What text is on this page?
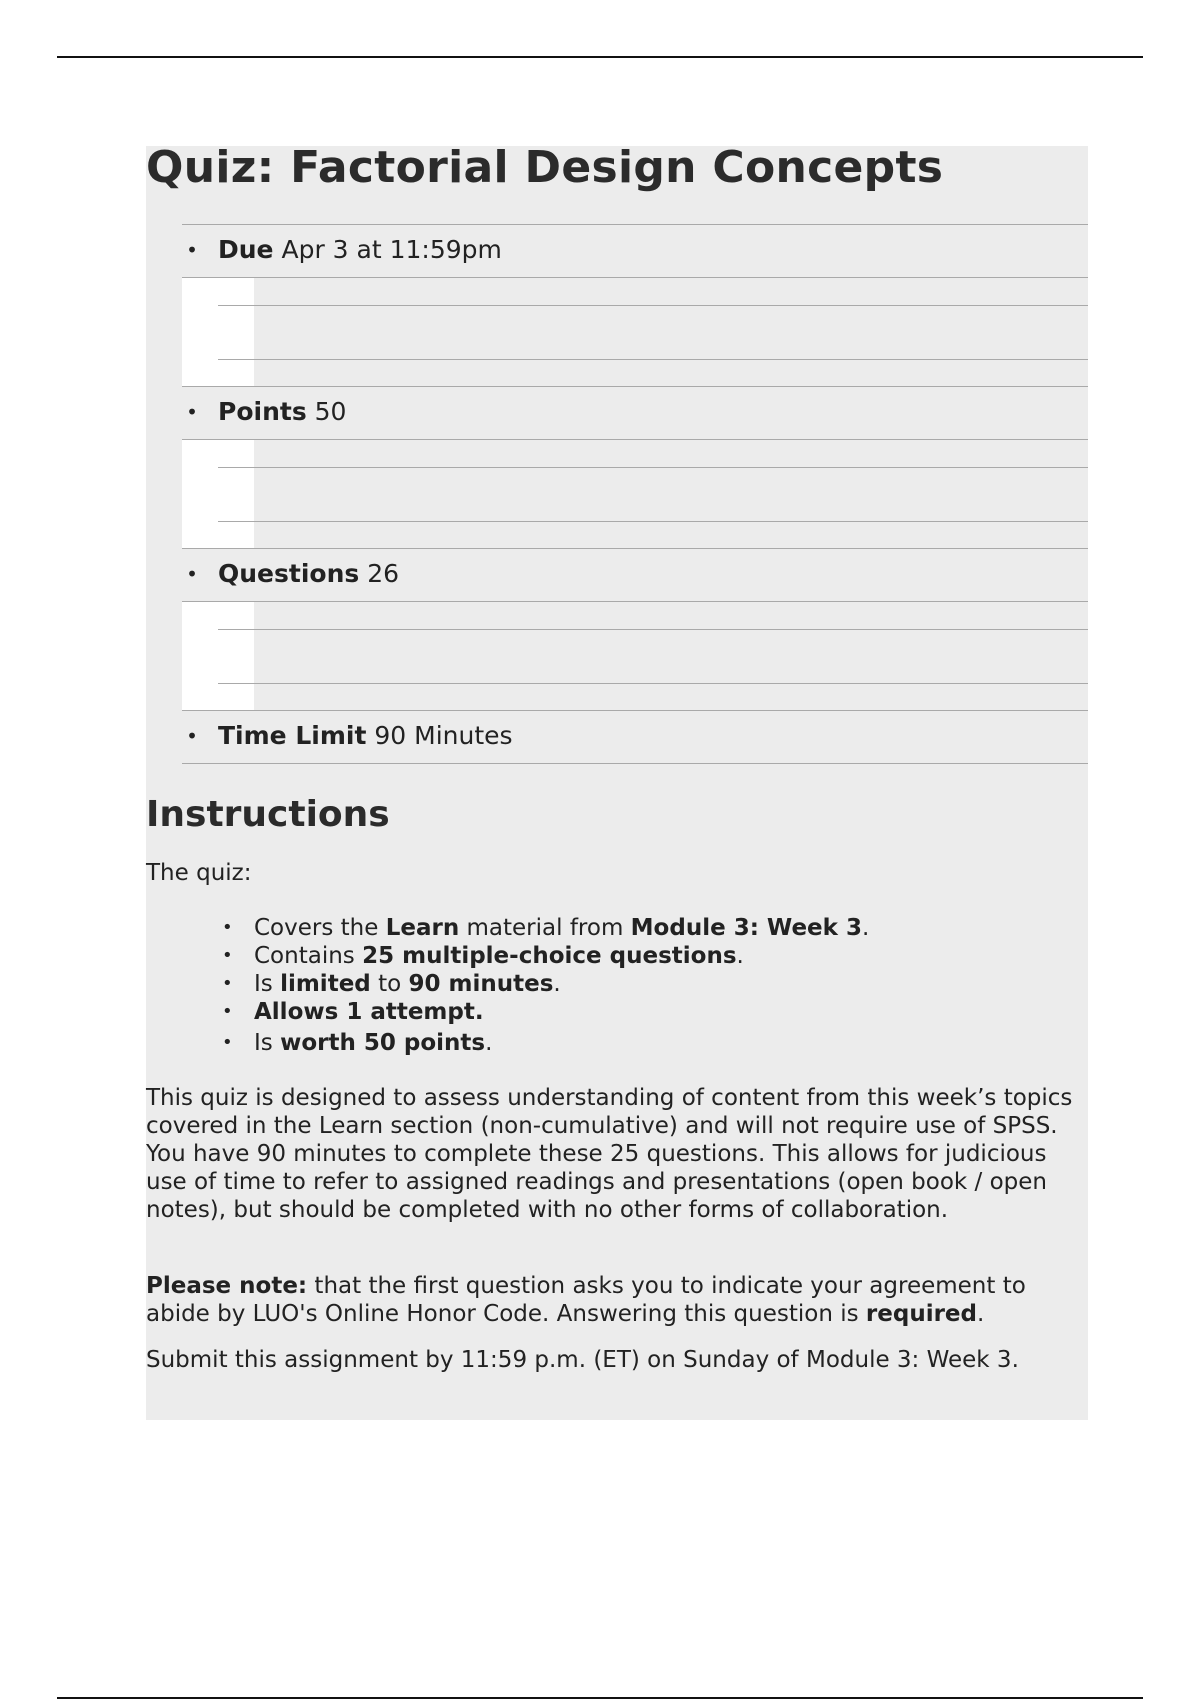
Quiz: Factorial Design Concepts
• Due Apr 3 at 11:59pm
• Points 50
• Questions 26
• Time Limit 90 Minutes
Instructions

The quiz:

• Covers the Learn material from Module 3: Week 3.
• Contains 25 multiple-choice questions.
• Is limited to 90 minutes.
• Allows 1 attempt.
• Is worth 50 points.

This quiz is designed to assess understanding of content from this week’s topics covered in the Learn section (non-cumulative) and will not require use of SPSS. You have 90 minutes to complete these 25 questions. This allows for judicious use of time to refer to assigned readings and presentations (open book / open notes), but should be completed with no other forms of collaboration.

Please note: that the first question asks you to indicate your agreement to abide by LUO's Online Honor Code. Answering this question is required.

Submit this assignment by 11:59 p.m. (ET) on Sunday of Module 3: Week 3.
